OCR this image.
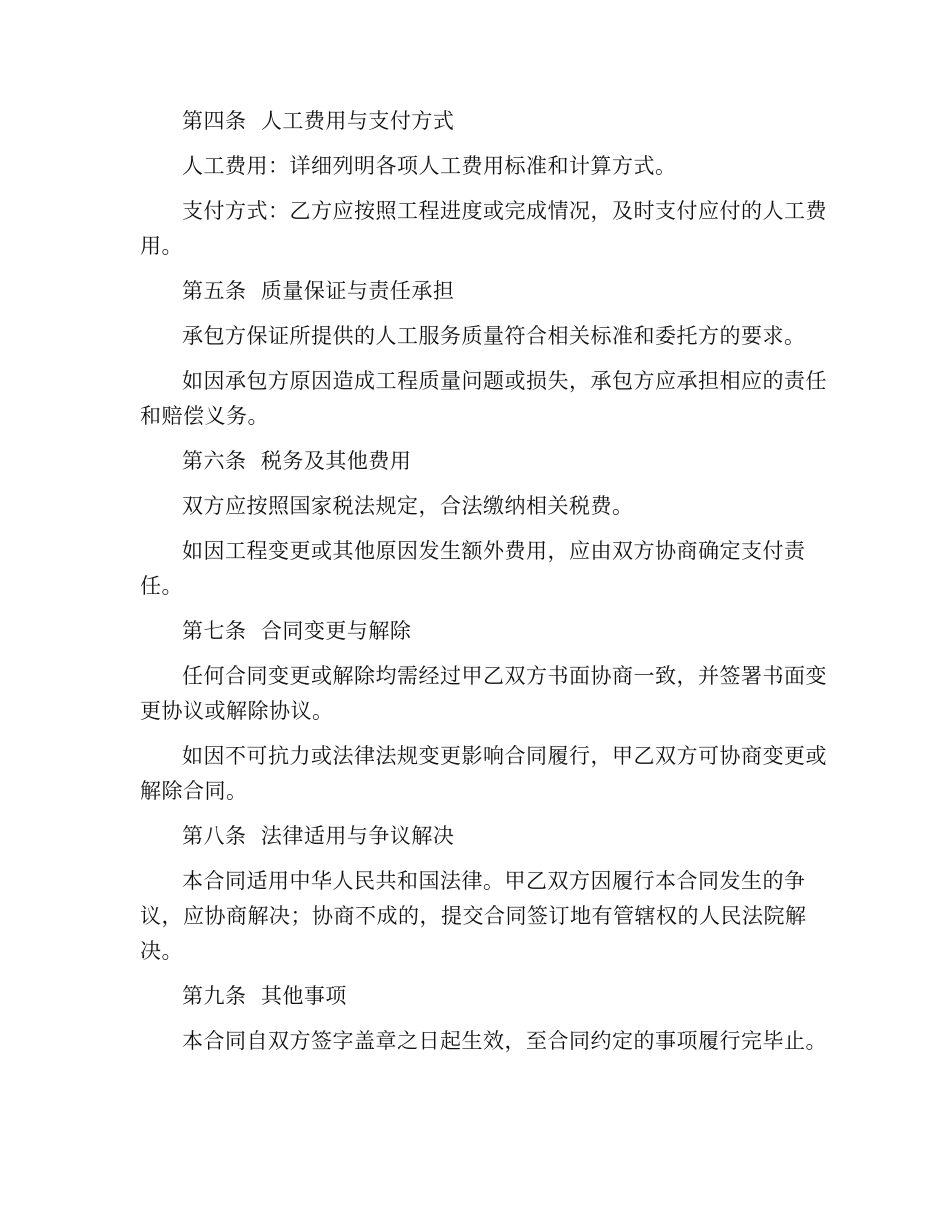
第四条  人工费用与支付方式

人工费用：详细列明各项人工费用标准和计算方式。

支付方式：乙方应按照工程进度或完成情况，及时支付应付的人工费用。

第五条  质量保证与责任承担

承包方保证所提供的人工服务质量符合相关标准和委托方的要求。

如因承包方原因造成工程质量问题或损失，承包方应承担相应的责任和赔偿义务。

第六条  税务及其他费用

双方应按照国家税法规定，合法缴纳相关税费。

如因工程变更或其他原因发生额外费用，应由双方协商确定支付责任。

第七条  合同变更与解除

任何合同变更或解除均需经过甲乙双方书面协商一致，并签署书面变更协议或解除协议。

如因不可抗力或法律法规变更影响合同履行，甲乙双方可协商变更或解除合同。

第八条  法律适用与争议解决

本合同适用中华人民共和国法律。甲乙双方因履行本合同发生的争议，应协商解决；协商不成的，提交合同签订地有管辖权的人民法院解决。

第九条  其他事项

本合同自双方签字盖章之日起生效，至合同约定的事项履行完毕止。
